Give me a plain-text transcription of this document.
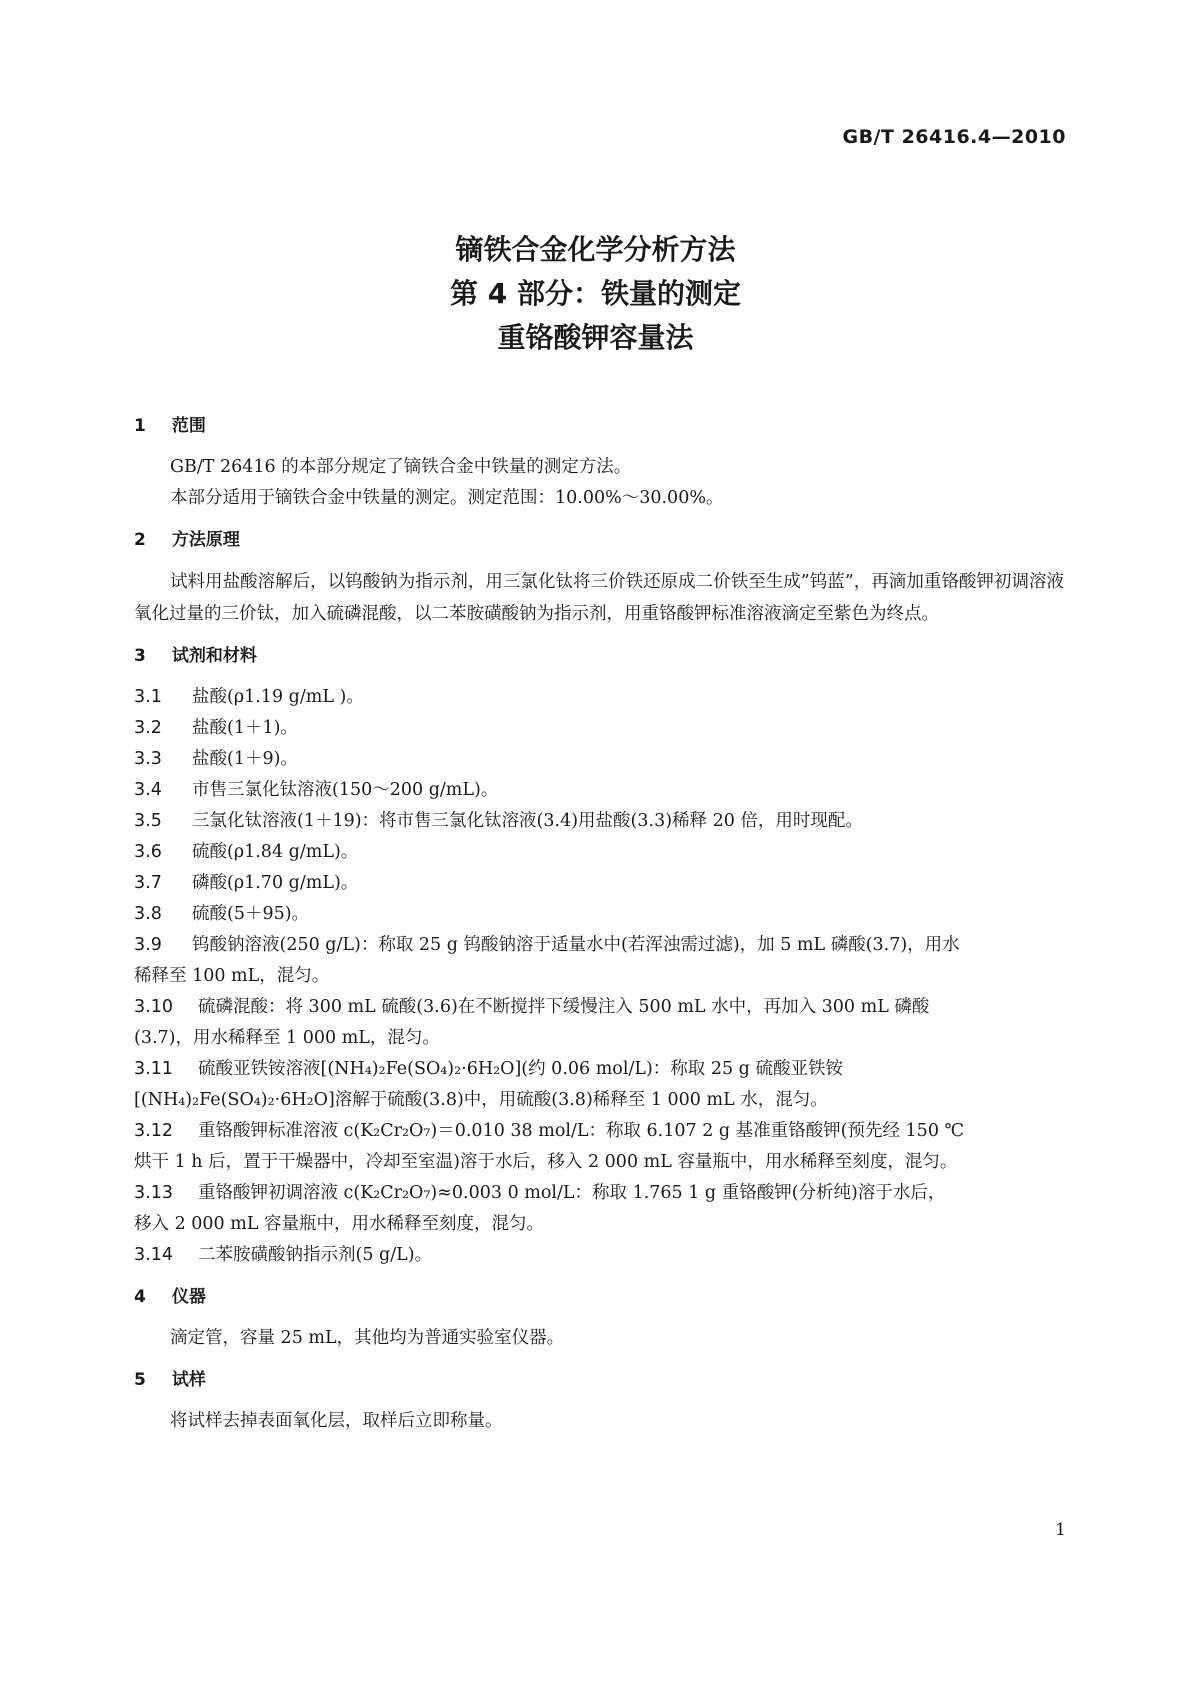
GB/T 26416.4—2010
镝铁合金化学分析方法
第 4 部分：铁量的测定
重铬酸钾容量法
1 范围

GB/T 26416 的本部分规定了镝铁合金中铁量的测定方法。

本部分适用于镝铁合金中铁量的测定。测定范围：10.00%～30.00%。

2 方法原理

试料用盐酸溶解后，以钨酸钠为指示剂，用三氯化钛将三价铁还原成二价铁至生成”钨蓝”，再滴加重铬酸钾初调溶液氧化过量的三价钛，加入硫磷混酸，以二苯胺磺酸钠为指示剂，用重铬酸钾标准溶液滴定至紫色为终点。

3 试剂和材料
3.1	盐酸(ρ1.19 g/mL )。
3.2	盐酸(1＋1)。
3.3	盐酸(1＋9)。
3.4	市售三氯化钛溶液(150～200 g/mL)。
3.5	三氯化钛溶液(1＋19)：将市售三氯化钛溶液(3.4)用盐酸(3.3)稀释 20 倍，用时现配。
3.6	硫酸(ρ1.84 g/mL)。
3.7	磷酸(ρ1.70 g/mL)。
3.8	硫酸(5＋95)。
3.9	钨酸钠溶液(250 g/L)：称取 25 g 钨酸钠溶于适量水中(若浑浊需过滤)，加 5 mL 磷酸(3.7)，用水

稀释至 100 mL，混匀。

3.10	硫磷混酸：将 300 mL 硫酸(3.6)在不断搅拌下缓慢注入 500 mL 水中，再加入 300 mL 磷酸

(3.7)，用水稀释至 1 000 mL，混匀。

3.11	硫酸亚铁铵溶液[(NH₄)₂Fe(SO₄)₂·6H₂O](约 0.06 mol/L)：称取 25 g 硫酸亚铁铵

[(NH₄)₂Fe(SO₄)₂·6H₂O]溶解于硫酸(3.8)中，用硫酸(3.8)稀释至 1 000 mL 水，混匀。

3.12	重铬酸钾标准溶液 c(K₂Cr₂O₇)＝0.010 38 mol/L：称取 6.107 2 g 基准重铬酸钾(预先经 150 ℃

烘干 1 h 后，置于干燥器中，冷却至室温)溶于水后，移入 2 000 mL 容量瓶中，用水稀释至刻度，混匀。

3.13	重铬酸钾初调溶液 c(K₂Cr₂O₇)≈0.003 0 mol/L：称取 1.765 1 g 重铬酸钾(分析纯)溶于水后，

移入 2 000 mL 容量瓶中，用水稀释至刻度，混匀。

3.14	二苯胺磺酸钠指示剂(5 g/L)。
4 仪器

滴定管，容量 25 mL，其他均为普通实验室仪器。

5 试样

将试样去掉表面氧化层，取样后立即称量。

1
